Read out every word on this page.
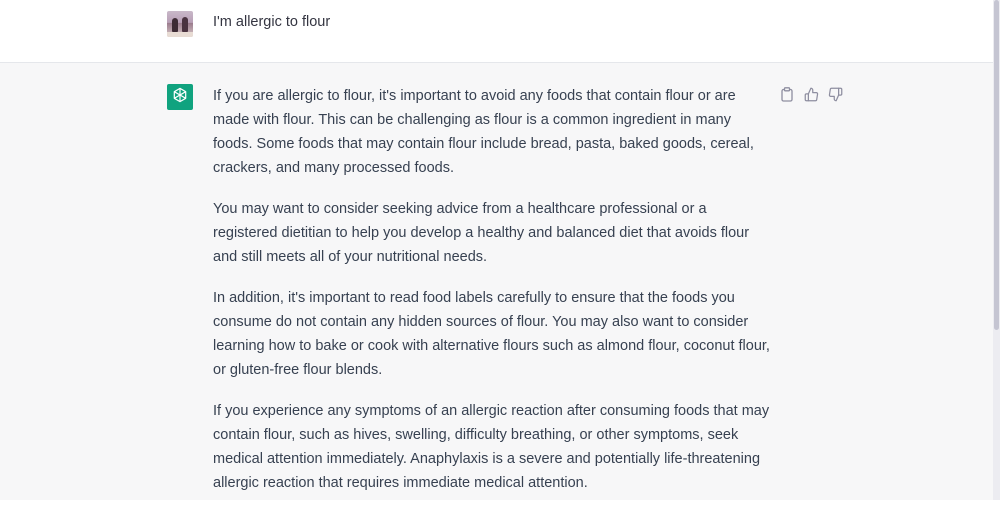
I'm allergic to flour

If you are allergic to flour, it's important to avoid any foods that contain flour or are made with flour. This can be challenging as flour is a common ingredient in many foods. Some foods that may contain flour include bread, pasta, baked goods, cereal, crackers, and many processed foods.

You may want to consider seeking advice from a healthcare professional or a registered dietitian to help you develop a healthy and balanced diet that avoids flour and still meets all of your nutritional needs.

In addition, it's important to read food labels carefully to ensure that the foods you consume do not contain any hidden sources of flour. You may also want to consider learning how to bake or cook with alternative flours such as almond flour, coconut flour, or gluten-free flour blends.

If you experience any symptoms of an allergic reaction after consuming foods that may contain flour, such as hives, swelling, difficulty breathing, or other symptoms, seek medical attention immediately. Anaphylaxis is a severe and potentially life-threatening allergic reaction that requires immediate medical attention.
